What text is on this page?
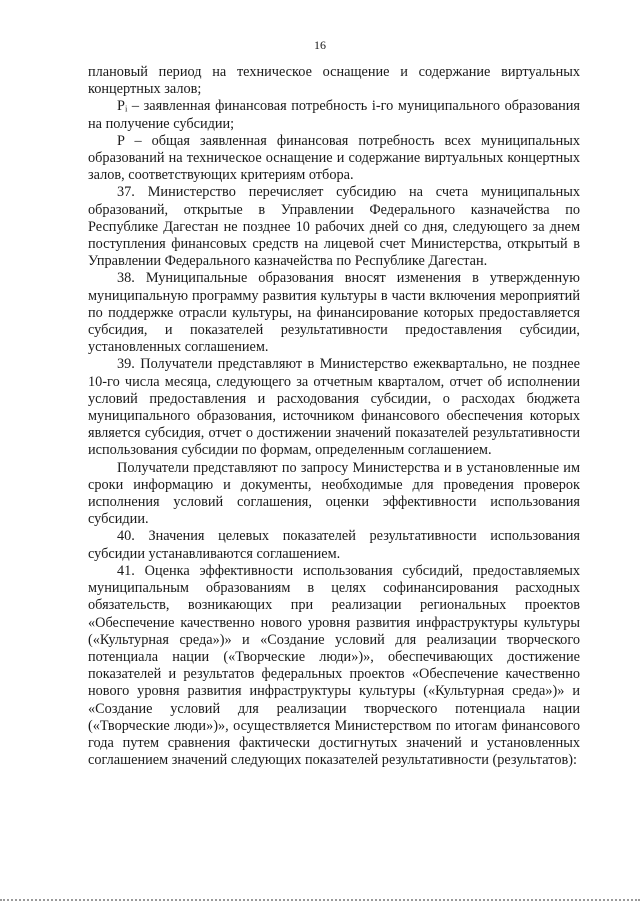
16

плановый период на техническое оснащение и содержание виртуальных концертных залов;

Pᵢ – заявленная финансовая потребность i-го муниципального образования на получение субсидии;

P – общая заявленная финансовая потребность всех муниципальных образований на техническое оснащение и содержание виртуальных концертных залов, соответствующих критериям отбора.

37. Министерство перечисляет субсидию на счета муниципальных образований, открытые в Управлении Федерального казначейства по Республике Дагестан не позднее 10 рабочих дней со дня, следующего за днем поступления финансовых средств на лицевой счет Министерства, открытый в Управлении Федерального казначейства по Республике Дагестан.

38. Муниципальные образования вносят изменения в утвержденную муниципальную программу развития культуры в части включения мероприятий по поддержке отрасли культуры, на финансирование которых предоставляется субсидия, и показателей результативности предоставления субсидии, установленных соглашением.

39. Получатели представляют в Министерство ежеквартально, не позднее 10-го числа месяца, следующего за отчетным кварталом, отчет об исполнении условий предоставления и расходования субсидии, о расходах бюджета муниципального образования, источником финансового обеспечения которых является субсидия, отчет о достижении значений показателей результативности использования субсидии по формам, определенным соглашением.

Получатели представляют по запросу Министерства и в установленные им сроки информацию и документы, необходимые для проведения проверок исполнения условий соглашения, оценки эффективности использования субсидии.

40. Значения целевых показателей результативности использования субсидии устанавливаются соглашением.

41. Оценка эффективности использования субсидий, предоставляемых муниципальным образованиям в целях софинансирования расходных обязательств, возникающих при реализации региональных проектов «Обеспечение качественно нового уровня развития инфраструктуры культуры («Культурная среда»)» и «Создание условий для реализации творческого потенциала нации («Творческие люди»)», обеспечивающих достижение показателей и результатов федеральных проектов «Обеспечение качественно нового уровня развития инфраструктуры культуры («Культурная среда»)» и «Создание условий для реализации творческого потенциала нации («Творческие люди»)», осуществляется Министерством по итогам финансового года путем сравнения фактически достигнутых значений и установленных соглашением значений следующих показателей результативности (результатов):
